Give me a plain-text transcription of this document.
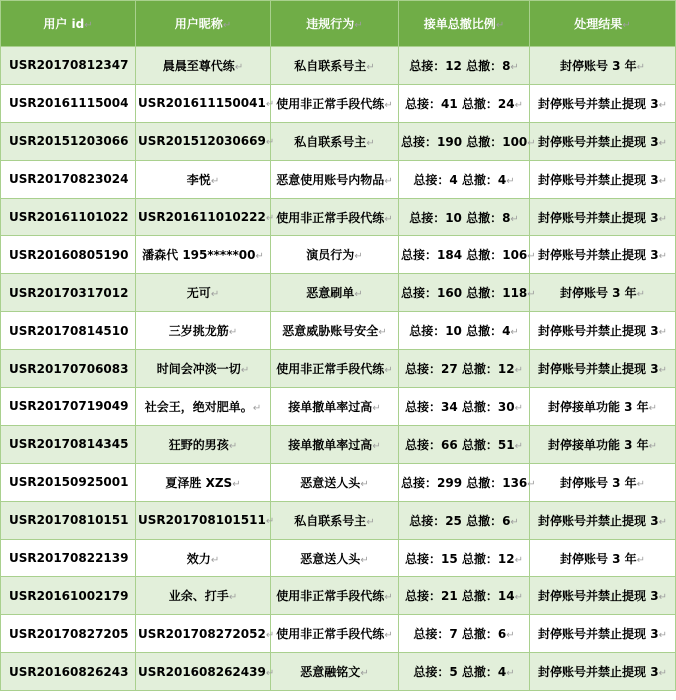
用户 id↵	用户昵称↵	违规行为↵	接单总撤比例↵	处理结果↵
USR20170812347	晨晨至尊代练↵	私自联系号主↵	总接：12 总撤：8↵	封停账号 3 年↵
USR20161115004	USR201611150041↵	使用非正常手段代练↵	总接：41 总撤：24↵	封停账号并禁止提现 3↵
USR20151203066	USR201512030669↵	私自联系号主↵	总接：190 总撤：100↵	封停账号并禁止提现 3↵
USR20170823024	李悦↵	恶意使用账号内物品↵	总接：4 总撤：4↵	封停账号并禁止提现 3↵
USR20161101022	USR201611010222↵	使用非正常手段代练↵	总接：10 总撤：8↵	封停账号并禁止提现 3↵
USR20160805190	潘森代 195*****00↵	演员行为↵	总接：184 总撤：106↵	封停账号并禁止提现 3↵
USR20170317012	无可↵	恶意刷单↵	总接：160 总撤：118↵	封停账号 3 年↵
USR20170814510	三岁挑龙筋↵	恶意威胁账号安全↵	总接：10 总撤：4↵	封停账号并禁止提现 3↵
USR20170706083	时间会冲淡一切↵	使用非正常手段代练↵	总接：27 总撤：12↵	封停账号并禁止提现 3↵
USR20170719049	社会王，绝对肥单。↵	接单撤单率过高↵	总接：34 总撤：30↵	封停接单功能 3 年↵
USR20170814345	狂野的男孩↵	接单撤单率过高↵	总接：66 总撤：51↵	封停接单功能 3 年↵
USR20150925001	夏泽胜 XZS↵	恶意送人头↵	总接：299 总撤：136↵	封停账号 3 年↵
USR20170810151	USR201708101511↵	私自联系号主↵	总接：25 总撤：6↵	封停账号并禁止提现 3↵
USR20170822139	效力↵	恶意送人头↵	总接：15 总撤：12↵	封停账号 3 年↵
USR20161002179	业余、打手↵	使用非正常手段代练↵	总接：21 总撤：14↵	封停账号并禁止提现 3↵
USR20170827205	USR201708272052↵	使用非正常手段代练↵	总接：7 总撤：6↵	封停账号并禁止提现 3↵
USR20160826243	USR201608262439↵	恶意融铭文↵	总接：5 总撤：4↵	封停账号并禁止提现 3↵
